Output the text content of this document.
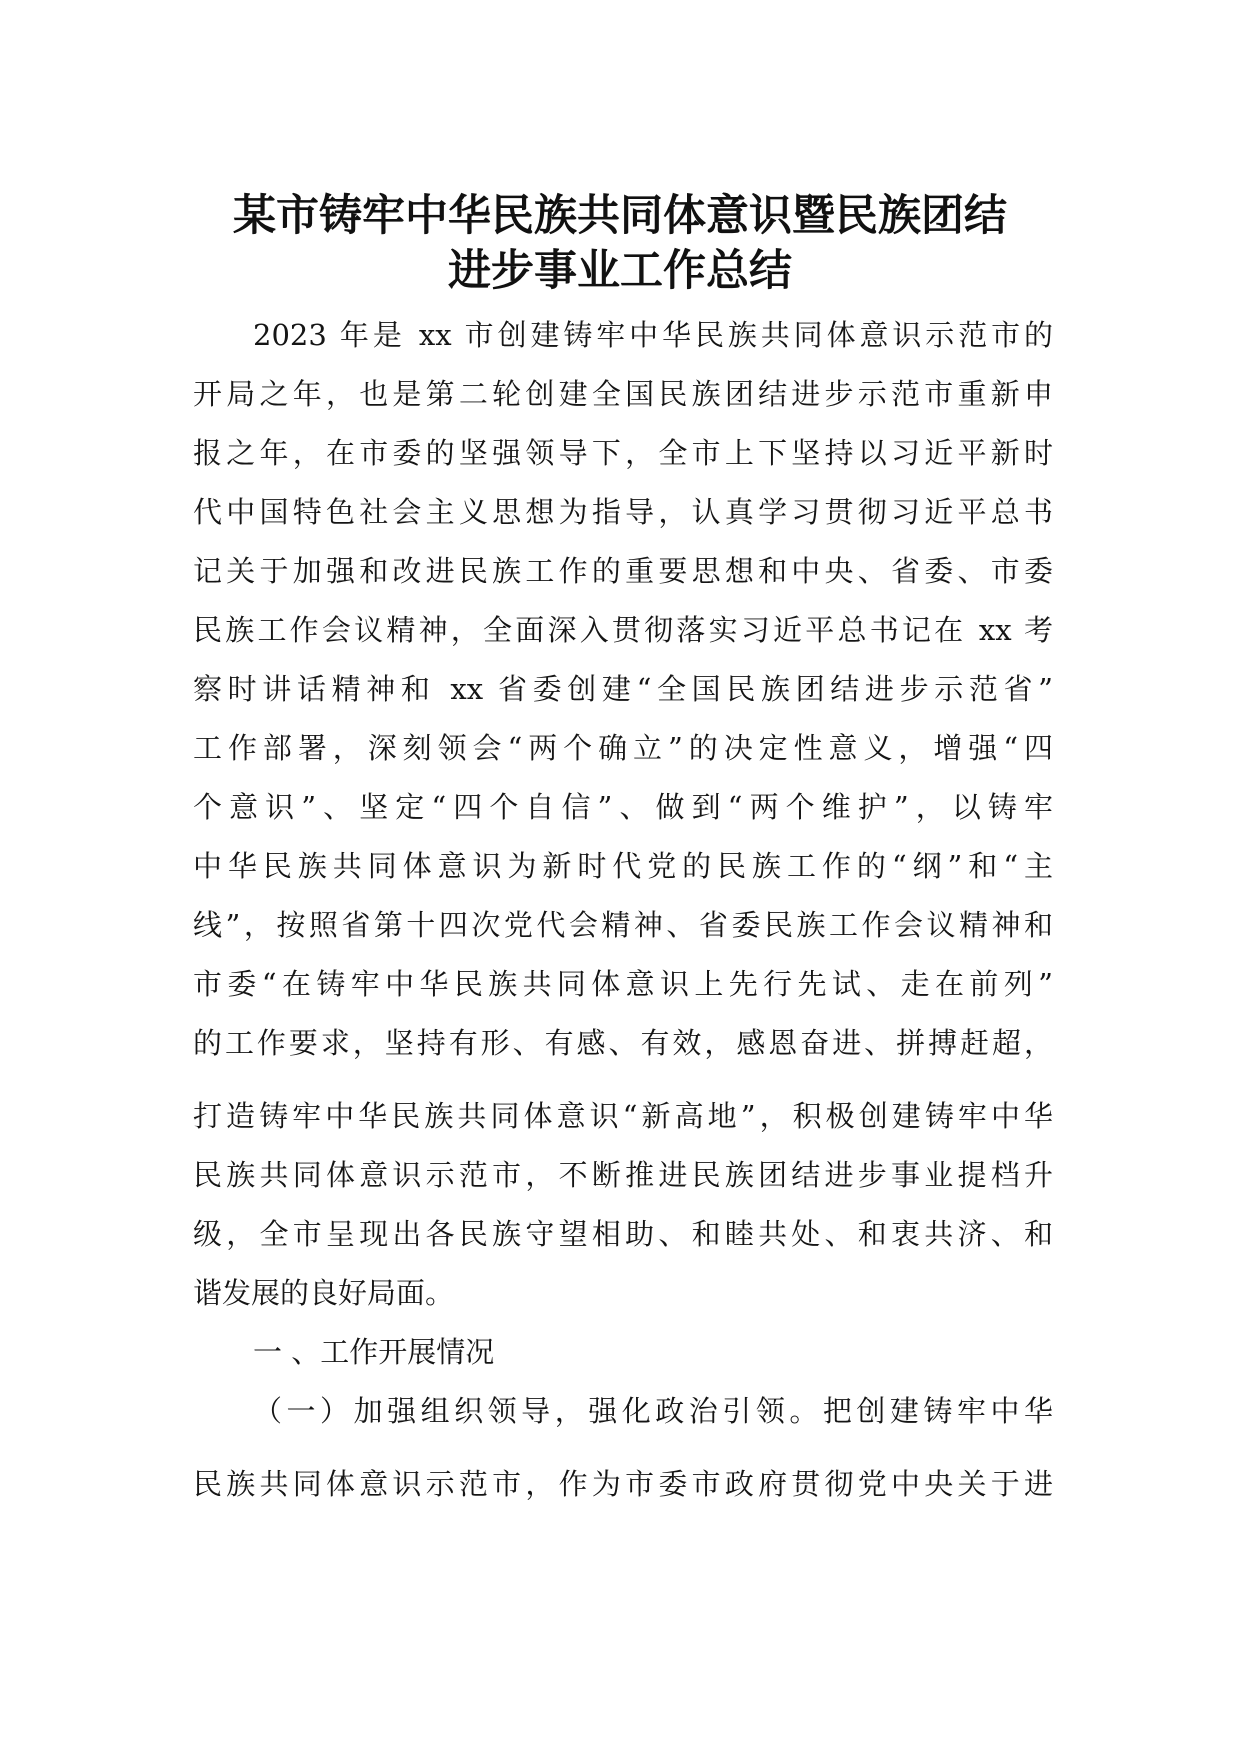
某市铸牢中华民族共同体意识暨民族团结
进步事业工作总结
2023 年是 xx 市创建铸牢中华民族共同体意识示范市的
开局之年，也是第二轮创建全国民族团结进步示范市重新申
报之年，在市委的坚强领导下，全市上下坚持以习近平新时
代中国特色社会主义思想为指导，认真学习贯彻习近平总书
记关于加强和改进民族工作的重要思想和中央、省委、市委
民族工作会议精神，全面深入贯彻落实习近平总书记在 xx 考
察时讲话精神和 xx 省委创建“全国民族团结进步示范省”
工作部署，深刻领会“两个确立”的决定性意义，增强“四
个意识”、坚定“四个自信”、做到“两个维护”，以铸牢
中华民族共同体意识为新时代党的民族工作的“纲”和“主
线”，按照省第十四次党代会精神、省委民族工作会议精神和
市委“在铸牢中华民族共同体意识上先行先试、走在前列”
的工作要求，坚持有形、有感、有效，感恩奋进、拼搏赶超，
打造铸牢中华民族共同体意识“新高地”，积极创建铸牢中华
民族共同体意识示范市，不断推进民族团结进步事业提档升
级，全市呈现出各民族守望相助、和睦共处、和衷共济、和
谐发展的良好局面。
一 、工作开展情况
（一）加强组织领导，强化政治引领。把创建铸牢中华
民族共同体意识示范市，作为市委市政府贯彻党中央关于进
